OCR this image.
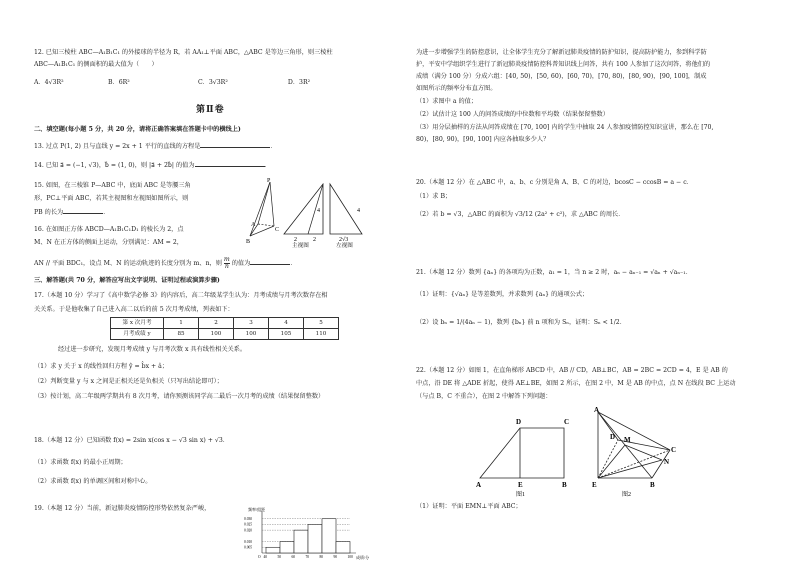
12. 已知三棱柱 ABC—A₁B₁C₁ 的外接球的半径为 R，若 AA₁⊥平面 ABC，△ABC 是等边三角形，则三棱柱
ABC—A₁B₁C₁ 的侧面积的最大值为（　　）
A．4√3R²	B．6R²	C．3√3R²	D．3R²
第Ⅱ卷
二、填空题(每小题 5 分，共 20 分，请将正确答案填在答题卡中的横线上)
13. 过点 P(1, 2) 且与直线 y = 2x + 1 平行的直线的方程是	．
14. 已知 a⃗ = (−1, √3)，b⃗ = (1, 0)，则 |a⃗ + 2b⃗| 的值为	．
15. 如图，在三棱锥 P—ABC 中，底面 ABC 是等腰三角
形，PC⊥平面 ABC，若其主视图和左视图如图所示，则
PB 的长为	．
16. 在如图正方体 ABCD—A₁B₁C₁D₁ 的棱长为 2，点
M、N 在正方体的侧面上运动，分别满足：AM = 2，
AN // 平面 BDC₁，设点 M、N 的运动轨迹的长度分别为 m、n，则 $\frac{m}{n}$ 的值为	．
三、解答题(共 70 分，解答应写出文字说明、证明过程或演算步骤)
17.（本题 10 分）学习了《高中数学必修 3》的内容后，高二年级某学生认为：月考成绩与月考次数存在相
关关系。于是他收集了自己进入高二以后的前 5 次月考成绩，列表如下：
第 x 次月考	1	2	3	4	5
月考成绩 y	85	100	100	105	110
经过进一步研究，发现月考成绩 y 与月考次数 x 具有线性相关关系。
（1）求 y 关于 x 的线性回归方程 ŷ = b̂x + â；
（2）判断变量 y 与 x 之间是正相关还是负相关（只写出结论即可）；
（3）按计划，高二年级两学期共有 8 次月考，请你预测该同学高二最后一次月考的成绩（结果保留整数）
18.（本题 12 分）已知函数 f(x) = 2sin x(cos x − √3 sin x) + √3．
（1）求函数 f(x) 的最小正周期；
（2）求函数 f(x) 的单调区间和对称中心。
19.（本题 12 分）当前，新冠肺炎疫情防控形势依然复杂严峻，
P
A
B
C
4
2	2
主视图
4
2√3
左视图
频率/组距
成绩/分
0.005
0.010
0.020
0.025
0.030
40	50	60	70	80	90	100
O
为进一步增强学生的防控意识，让全体学生充分了解新冠肺炎疫情的防护知识，提高防护能力，参到科学防
护，平安中学组织学生进行了新冠肺炎疫情防控科普知识线上问答，共有 100 人参加了这次问答，将他们的
成绩（满分 100 分）分成六组：[40, 50)，[50, 60)，[60, 70)，[70, 80)，[80, 90)，[90, 100]，制成
如图所示的频率分布直方图。
（1）求图中 a 的值；
（2）试估计这 100 人的问答成绩的中位数和平均数（结果保留整数）
（3）用分层抽样的方法从问答成绩在 [70, 100] 内的学生中抽取 24 人参加疫情防控知识宣讲，那么在 [70,
80)，[80, 90)，[90, 100] 内应各抽取多少人？
20.（本题 12 分）在 △ABC 中，a、b、c 分别是角 A、B、C 的对边，bcosC − ccosB = a − c．
（1）求 B；
（2）若 b = √3，△ABC 的面积为 √3/12 (2a² + c²)，求 △ABC 的周长．
21.（本题 12 分）数列 {aₙ} 的各项均为正数，a₁ = 1，当 n ≥ 2 时，aₙ − aₙ₋₁ = √aₙ + √aₙ₋₁．
（1）证明：{√aₙ} 是等差数列，并求数列 {aₙ} 的通项公式；
（2）设 bₙ = 1/(4aₙ − 1)，数列 {bₙ} 前 n 项和为 Sₙ，证明：Sₙ < 1/2．
22.（本题 12 分）如图 1，在直角梯形 ABCD 中，AB // CD，AB⊥BC，AB = 2BC = 2CD = 4，E 是 AB 的
中点，沿 DE 将 △ADE 折起，使得 AE⊥BE，如图 2 所示，在图 2 中，M 是 AB 的中点，点 N 在线段 BC 上运动
（与点 B，C 不重合），在图 2 中解答下列问题：
（1）证明：平面 EMN⊥平面 ABC；
D	C
A	E	B
图1
A
D M
C
N
E	B
图2
